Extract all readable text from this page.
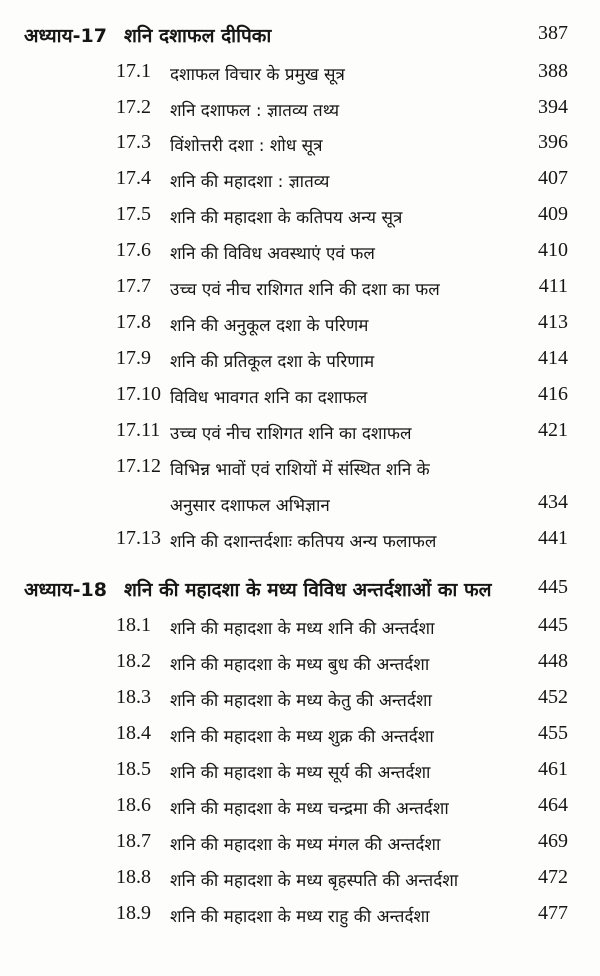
अध्याय-17 शनि दशाफल दीपिका	387
17.1 दशाफल विचार के प्रमुख सूत्र	388
17.2 शनि दशाफल : ज्ञातव्य तथ्य	394
17.3 विंशोत्तरी दशा : शोध सूत्र	396
17.4 शनि की महादशा : ज्ञातव्य	407
17.5 शनि की महादशा के कतिपय अन्य सूत्र	409
17.6 शनि की विविध अवस्थाएं एवं फल	410
17.7 उच्च एवं नीच राशिगत शनि की दशा का फल	411
17.8 शनि की अनुकूल दशा के परिणम	413
17.9 शनि की प्रतिकूल दशा के परिणाम	414
17.10 विविध भावगत शनि का दशाफल	416
17.11 उच्च एवं नीच राशिगत शनि का दशाफल	421
17.12 विभिन्न भावों एवं राशियों में संस्थित शनि के
अनुसार दशाफल अभिज्ञान	434
17.13 शनि की दशान्तर्दशाः कतिपय अन्य फलाफल	441
अध्याय-18 शनि की महादशा के मध्य विविध अन्तर्दशाओं का फल	445
18.1 शनि की महादशा के मध्य शनि की अन्तर्दशा	445
18.2 शनि की महादशा के मध्य बुध की अन्तर्दशा	448
18.3 शनि की महादशा के मध्य केतु की अन्तर्दशा	452
18.4 शनि की महादशा के मध्य शुक्र की अन्तर्दशा	455
18.5 शनि की महादशा के मध्य सूर्य की अन्तर्दशा	461
18.6 शनि की महादशा के मध्य चन्द्रमा की अन्तर्दशा	464
18.7 शनि की महादशा के मध्य मंगल की अन्तर्दशा	469
18.8 शनि की महादशा के मध्य बृहस्पति की अन्तर्दशा	472
18.9 शनि की महादशा के मध्य राहु की अन्तर्दशा	477
